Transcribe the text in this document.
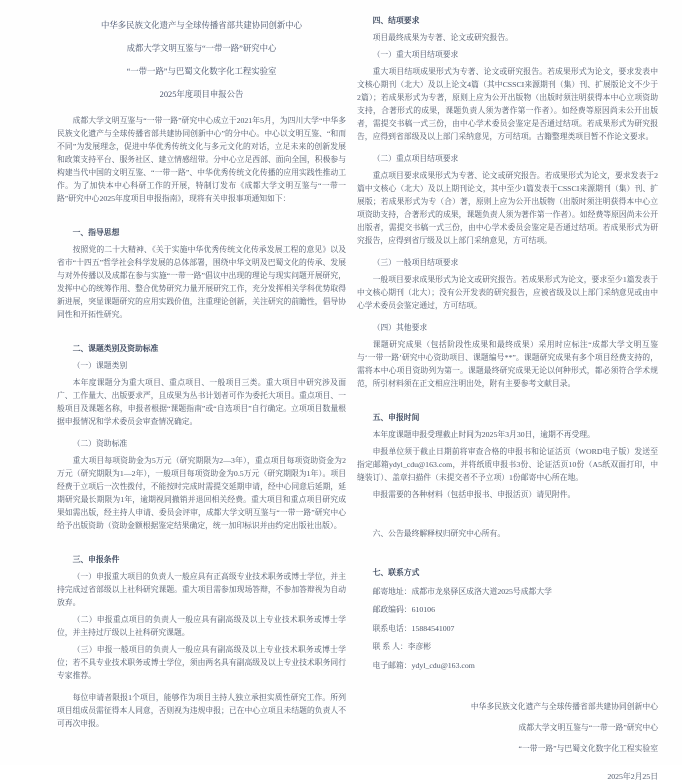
中华多民族文化遗产与全球传播省部共建协同创新中心
成都大学文明互鉴与“一带一路”研究中心
“一带一路”与巴蜀文化数字化工程实验室
2025年度项目申报公告

成都大学文明互鉴与“一带一路”研究中心成立于2021年5月，为四川大学“中华多民族文化遗产与全球传播省部共建协同创新中心”的分中心。中心以文明互鉴、“和而不同”为发展理念，促进中华优秀传统文化与多元文化的对话，立足未来的创新发展和政策支持平台、服务社区、建立情感纽带。分中心立足西部、面向全国，积极参与构建当代中国的文明互鉴、“一带一路”、中华优秀传统文化传播的应用实践性推动工作。为了加快本中心科研工作的开展，特制订发布《成都大学文明互鉴与“一带一路”研究中心2025年度项目申报指南》，现将有关申报事项通知如下：

一、指导思想

按照党的二十大精神、《关于实施中华优秀传统文化传承发展工程的意见》以及省市“十四五”哲学社会科学发展的总体部署，围绕中华文明及巴蜀文化的传承、发展与对外传播以及成都在参与实施“一带一路”倡议中出现的理论与现实问题开展研究，发挥中心的统筹作用、整合优势研究力量开展研究工作，充分发挥相关学科优势取得新进展，突显课题研究的应用实践价值，注重理论创新，关注研究的前瞻性，倡导协同性和开拓性研究。

二、课题类别及资助标准

（一）课题类别

本年度课题分为重大项目、重点项目、一般项目三类。重大项目中研究涉及面广、工作量大、出版要求严，且成果为丛书计划者可作为委托大项目。重点项目、一般项目及课题名称，申报者根据“课题指南”或“自选项目”自行确定。立项项目数量根据申报情况和学术委员会审查情况确定。

（二）资助标准

重大项目每项资助金为5万元（研究期限为2—3年），重点项目每项资助资金为2万元（研究期限为1—2年），一般项目每项资助金为0.5万元（研究期限为1年）。项目经费于立项后一次性拨付，不能按时完成时需提交延期申请，经中心同意后延期，延期研究最长期限为1年，逾期视同撤销并退回相关经费。重大项目和重点项目研究成果如需出版，经主持人申请、委员会评审，成都大学文明互鉴与“一带一路”研究中心给予出版资助（资助金额根据鉴定结果确定，统一加印标识并由约定出版社出版）。

三、申报条件

（一）申报重大项目的负责人一般应具有正高级专业技术职务或博士学位，并主持完成过省部级以上社科研究课题。重大项目需参加现场答辩，不参加答辩视为自动放弃。

（二）申报重点项目的负责人一般应具有副高级及以上专业技术职务或博士学位，并主持过厅级以上社科研究课题。

（三）申报一般项目的负责人一般应具有副高级及以上专业技术职务或博士学位；若不具专业技术职务或博士学位，须由两名具有副高级及以上专业技术职务同行专家推荐。

每位申请者限报1个项目，能够作为项目主持人独立承担实质性研究工作。所列项目组成员需征得本人同意，否则视为违规申报；已在中心立项且未结题的负责人不可再次申报。

四、结项要求

项目最终成果为专著、论文或研究报告。

（一）重大项目结项要求

重大项目结项成果形式为专著、论文或研究报告。若成果形式为论文，要求发表中文核心期刊（北大）及以上论文4篇（其中CSSCI来源期刊（集）刊、扩展版论文不少于2篇）；若成果形式为专著，原则上应为公开出版物（出版时须注明获得本中心立项资助支持，合著形式的成果，课题负责人须为著作第一作者）。如经费等原因尚未公开出版者，需提交书稿一式三份，由中心学术委员会鉴定是否通过结项。若成果形式为研究报告，应得到省部级及以上部门采纳意见，方可结项。古籍整理类项目暂不作论文要求。

（二）重点项目结项要求

重点项目要求成果形式为专著、论文或研究报告。若成果形式为论文，要求发表于2篇中文核心（北大）及以上期刊论文，其中至少1篇发表于CSSCI来源期刊（集）刊、扩展版；若成果形式为专（合）著，原则上应为公开出版物（出版时须注明获得本中心立项资助支持，合著形式的成果，课题负责人须为著作第一作者）。如经费等原因尚未公开出版者，需提交书稿一式三份，由中心学术委员会鉴定是否通过结项。若成果形式为研究报告，应得到省厅级及以上部门采纳意见，方可结项。

（三）一般项目结项要求

一般项目要求成果形式为论文或研究报告。若成果形式为论文，要求至少1篇发表于中文核心期刊（北大）；没有公开发表的研究报告，应被省级及以上部门采纳意见或由中心学术委员会鉴定通过，方可结项。

（四）其他要求

课题研究成果（包括阶段性成果和最终成果）采用时应标注“成都大学文明互鉴与‘一带一路’研究中心资助项目、课题编号**”。课题研究成果有多个项目经费支持的，需将本中心项目资助列为第一。课题最终研究成果无论以何种形式，都必须符合学术规范，所引材料须在正文相应注明出处，附有主要参考文献目录。

五、申报时间

本年度课题申报受理截止时间为2025年3月30日，逾期不再受理。

申报单位须于截止日期前将审查合格的申报书和论证活页（WORD电子版）发送至指定邮箱ydyl_cdu@163.com，并将纸质申报书3份、论证活页10份（A5纸双面打印，中缝装订）、盖章扫描件（未提交者不予立项）1份邮寄中心所在地。

申报需要的各种材料（包括申报书、申报活页）请见附件。

六、公告最终解释权归研究中心所有。

七、联系方式

邮寄地址：成都市龙泉驿区成洛大道2025号成都大学

邮政编码：610106

联系电话：15884541007

联 系 人：李彦彬

电子邮箱：ydyl_cdu@163.com

中华多民族文化遗产与全球传播省部共建协同创新中心
成都大学文明互鉴与“一带一路”研究中心
“一带一路”与巴蜀文化数字化工程实验室

2025年2月25日
